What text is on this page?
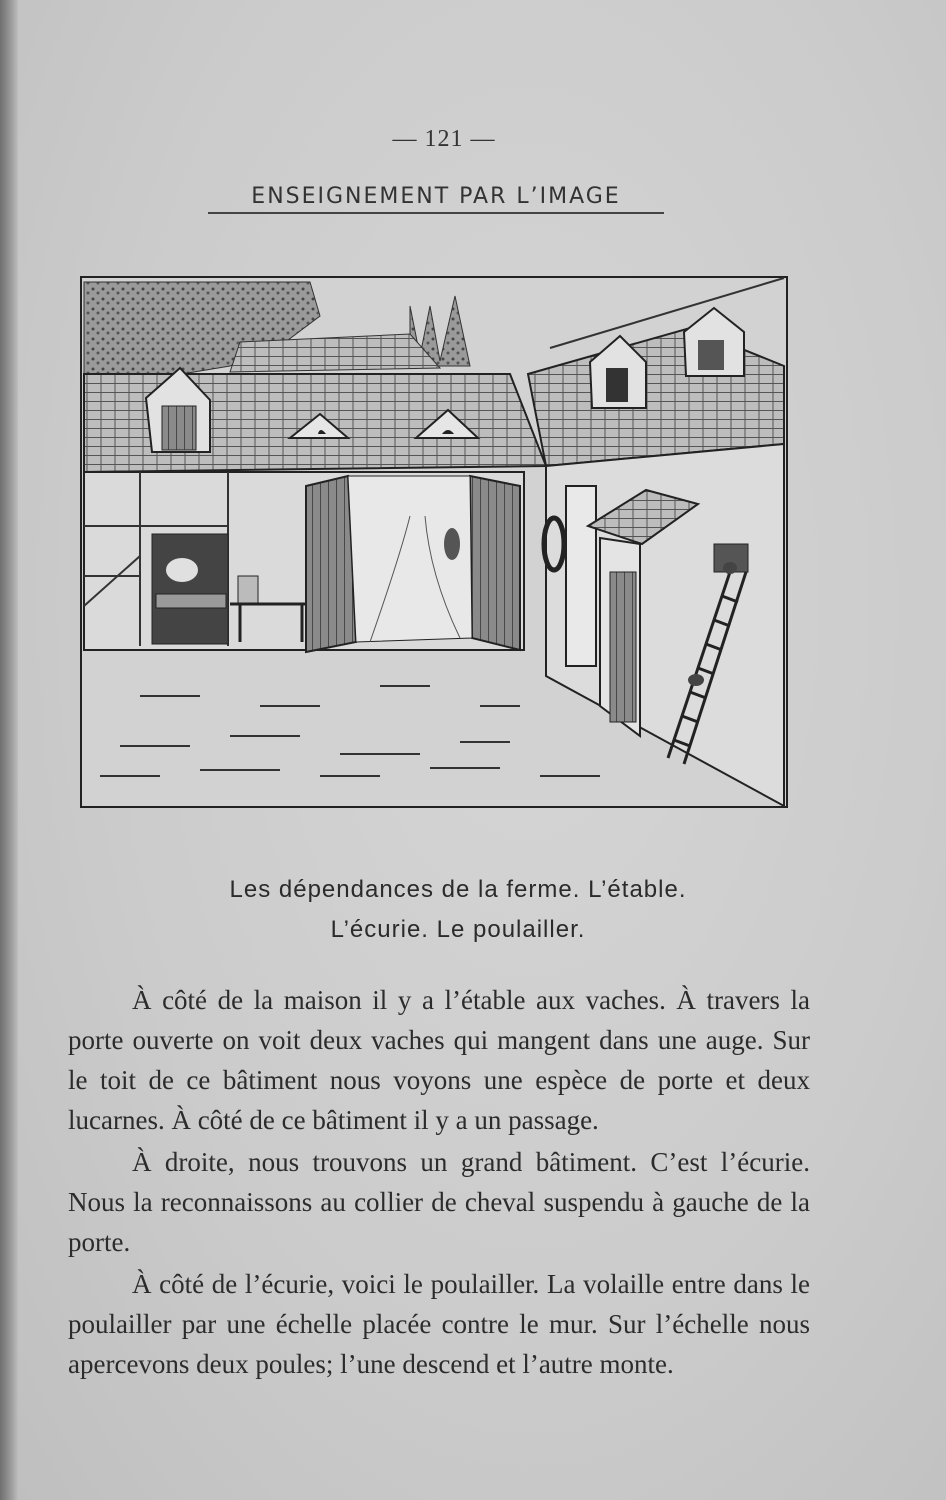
— 121 —
ENSEIGNEMENT PAR L’IMAGE
Les dépendances de la ferme. L’étable.
L’écurie. Le poulailler.

À côté de la maison il y a l’étable aux vaches. À travers la porte ouverte on voit deux vaches qui mangent dans une auge. Sur le toit de ce bâtiment nous voyons une espèce de porte et deux lucarnes. À côté de ce bâtiment il y a un passage.

À droite, nous trouvons un grand bâtiment. C’est l’écurie. Nous la reconnaissons au collier de cheval suspendu à gauche de la porte.

À côté de l’écurie, voici le poulailler. La volaille entre dans le poulailler par une échelle placée contre le mur. Sur l’échelle nous apercevons deux poules; l’une descend et l’autre monte.
